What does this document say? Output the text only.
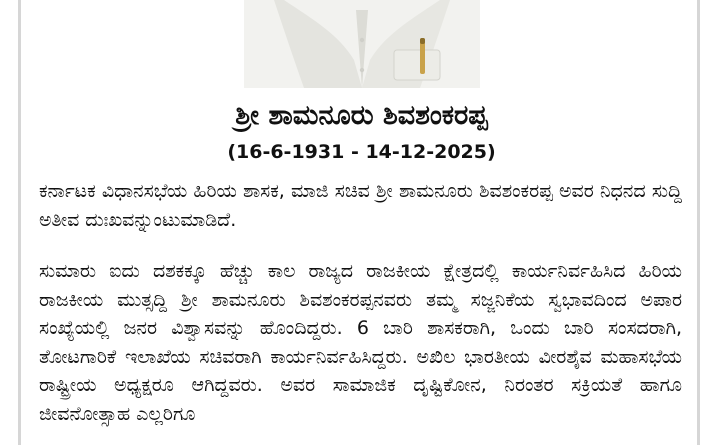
ಶ್ರೀ ಶಾಮನೂರು ಶಿವಶಂಕರಪ್ಪ
(16-6-1931 - 14-12-2025)

ಕರ್ನಾಟಕ ವಿಧಾನಸಭೆಯ ಹಿರಿಯ ಶಾಸಕ, ಮಾಜಿ ಸಚಿವ ಶ್ರೀ ಶಾಮನೂರು ಶಿವಶಂಕರಪ್ಪ ಅವರ ನಿಧನದ ಸುದ್ದಿ ಅತೀವ ದುಃಖವನ್ನುಂಟುಮಾಡಿದೆ.

ಸುಮಾರು ಐದು ದಶಕಕ್ಕೂ ಹೆಚ್ಚು ಕಾಲ ರಾಜ್ಯದ ರಾಜಕೀಯ ಕ್ಷೇತ್ರದಲ್ಲಿ ಕಾರ್ಯನಿರ್ವಹಿಸಿದ ಹಿರಿಯ ರಾಜಕೀಯ ಮುತ್ಸದ್ದಿ ಶ್ರೀ ಶಾಮನೂರು ಶಿವಶಂಕರಪ್ಪನವರು ತಮ್ಮ ಸಜ್ಜನಿಕೆಯ ಸ್ವಭಾವದಿಂದ ಅಪಾರ ಸಂಖ್ಯೆಯಲ್ಲಿ ಜನರ ವಿಶ್ವಾಸವನ್ನು ಹೊಂದಿದ್ದರು. 6 ಬಾರಿ ಶಾಸಕರಾಗಿ, ಒಂದು ಬಾರಿ ಸಂಸದರಾಗಿ, ತೋಟಗಾರಿಕೆ ಇಲಾಖೆಯ ಸಚಿವರಾಗಿ ಕಾರ್ಯನಿರ್ವಹಿಸಿದ್ದರು. ಅಖಿಲ ಭಾರತೀಯ ವೀರಶೈವ ಮಹಾಸಭೆಯ ರಾಷ್ಟ್ರೀಯ ಅಧ್ಯಕ್ಷರೂ ಆಗಿದ್ದವರು. ಅವರ ಸಾಮಾಜಿಕ ದೃಷ್ಟಿಕೋನ, ನಿರಂತರ ಸಕ್ರಿಯತೆ ಹಾಗೂ ಜೀವನೋತ್ಸಾಹ ಎಲ್ಲರಿಗೂ
